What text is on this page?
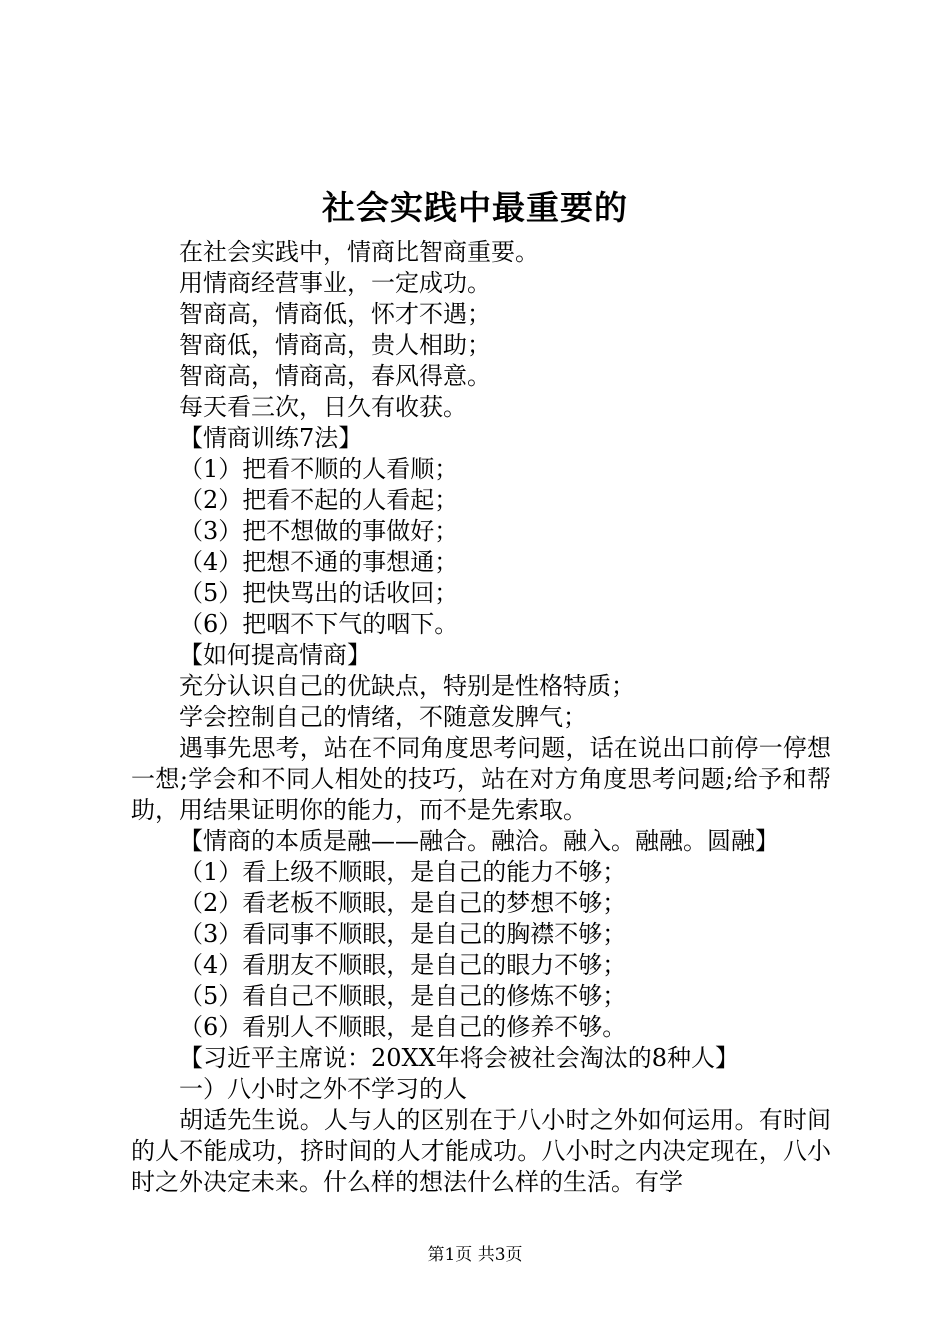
社会实践中最重要的
在社会实践中，情商比智商重要。
用情商经营事业，一定成功。
智商高，情商低，怀才不遇；
智商低，情商高，贵人相助；
智商高，情商高，春风得意。
每天看三次，日久有收获。
【情商训练7法】
（1）把看不顺的人看顺；
（2）把看不起的人看起；
（3）把不想做的事做好；
（4）把想不通的事想通；
（5）把快骂出的话收回；
（6）把咽不下气的咽下。
【如何提高情商】
充分认识自己的优缺点，特别是性格特质；
学会控制自己的情绪，不随意发脾气；
遇事先思考，站在不同角度思考问题，话在说出口前停一停想一想;学会和不同人相处的技巧，站在对方角度思考问题;给予和帮助，用结果证明你的能力，而不是先索取。
【情商的本质是融——融合。融洽。融入。融融。圆融】
（1）看上级不顺眼，是自己的能力不够；
（2）看老板不顺眼，是自己的梦想不够；
（3）看同事不顺眼，是自己的胸襟不够；
（4）看朋友不顺眼，是自己的眼力不够；
（5）看自己不顺眼，是自己的修炼不够；
（6）看别人不顺眼，是自己的修养不够。
【习近平主席说：20XX年将会被社会淘汰的8种人】
一）八小时之外不学习的人
胡适先生说。人与人的区别在于八小时之外如何运用。有时间的人不能成功，挤时间的人才能成功。八小时之内决定现在，八小时之外决定未来。什么样的想法什么样的生活。有学
第1页 共3页
